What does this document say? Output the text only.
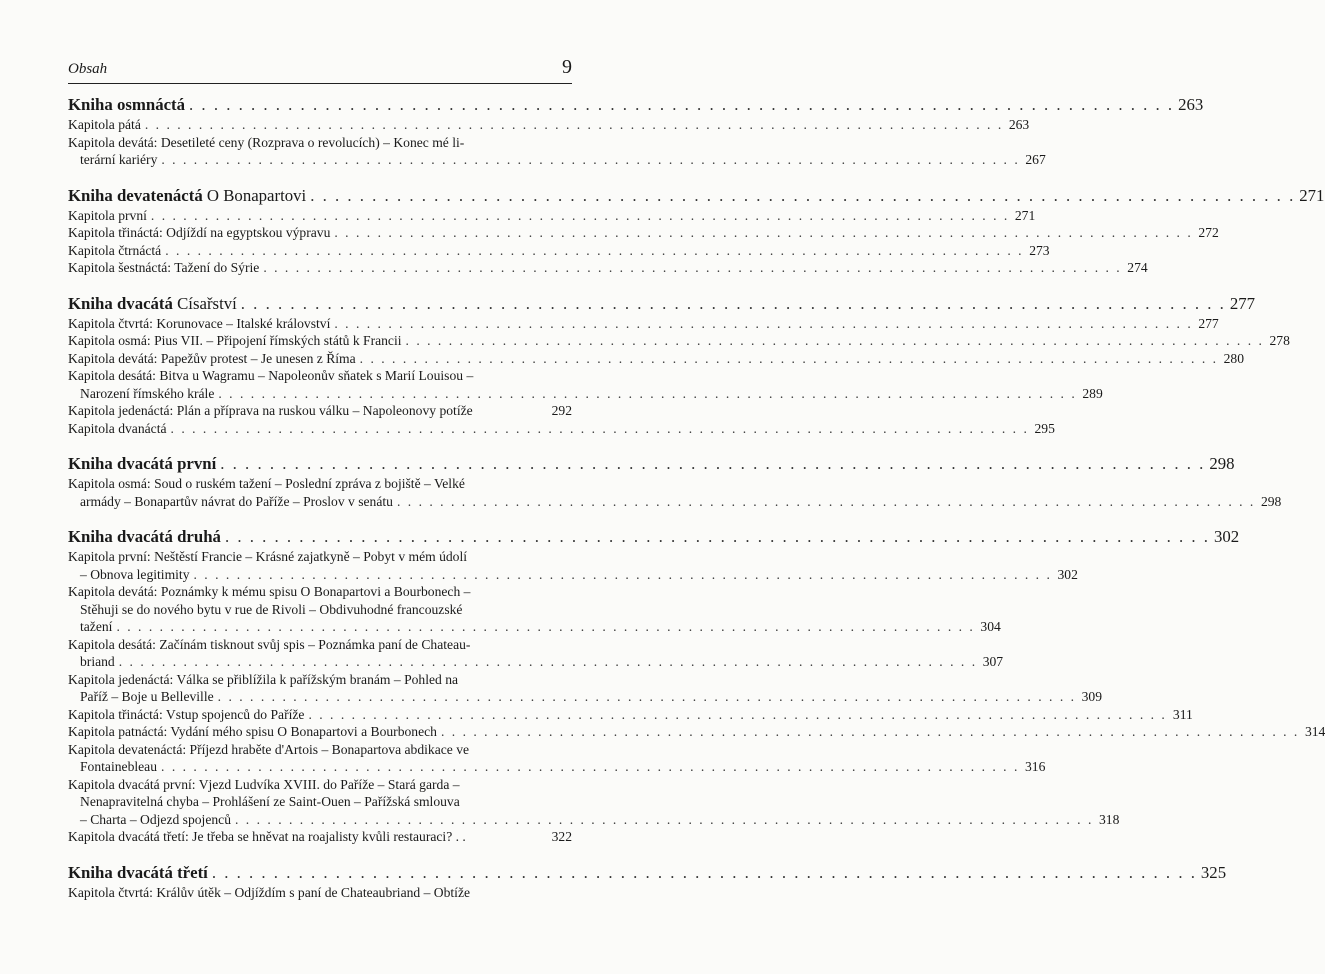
Obsah	9
Kniha osmnáctá . . .	263
Kapitola pátá . . .	263
Kapitola devátá: Desetileté ceny (Rozprava o revolucích) – Konec mé li-
terární kariéry . . .	267
Kniha devatenáctá O Bonapartovi . . .	271
Kapitola první . . .	271
Kapitola třináctá: Odjíždí na egyptskou výpravu . . .	272
Kapitola čtrnáctá . . .	273
Kapitola šestnáctá: Tažení do Sýrie . . .	274
Kniha dvacátá Císařství . . .	277
Kapitola čtvrtá: Korunovace – Italské království . . .	277
Kapitola osmá: Pius VII. – Připojení římských států k Francii . . .	278
Kapitola devátá: Papežův protest – Je unesen z Říma . . .	280
Kapitola desátá: Bitva u Wagramu – Napoleonův sňatek s Marií Louisou –
Narození římského krále . . .	289
Kapitola jedenáctá: Plán a příprava na ruskou válku – Napoleonovy potíže	292
Kapitola dvanáctá . . .	295
Kniha dvacátá první . . .	298
Kapitola osmá: Soud o ruském tažení – Poslední zpráva z bojiště – Velké
armády – Bonapartův návrat do Paříže – Proslov v senátu . . .	298
Kniha dvacátá druhá . . .	302
Kapitola první: Neštěstí Francie – Krásné zajatkyně – Pobyt v mém údolí
– Obnova legitimity . . .	302
Kapitola devátá: Poznámky k mému spisu O Bonapartovi a Bourbonech –
Stěhuji se do nového bytu v rue de Rivoli – Obdivuhodné francouzské
tažení . . .	304
Kapitola desátá: Začínám tisknout svůj spis – Poznámka paní de Chateau-
briand . . .	307
Kapitola jedenáctá: Válka se přiblížila k pařížským branám – Pohled na
Paříž – Boje u Belleville . . .	309
Kapitola třináctá: Vstup spojenců do Paříže . . .	311
Kapitola patnáctá: Vydání mého spisu O Bonapartovi a Bourbonech . . .	314
Kapitola devatenáctá: Příjezd hraběte d'Artois – Bonapartova abdikace ve
Fontainebleau . . .	316
Kapitola dvacátá první: Vjezd Ludvíka XVIII. do Paříže – Stará garda –
Nenapravitelná chyba – Prohlášení ze Saint-Ouen – Pařížská smlouva
– Charta – Odjezd spojenců . . .	318
Kapitola dvacátá třetí: Je třeba se hněvat na roajalisty kvůli restauraci? . .	322
Kniha dvacátá třetí . . .	325
Kapitola čtvrtá: Králův útěk – Odjíždím s paní de Chateaubriand – Obtíže
